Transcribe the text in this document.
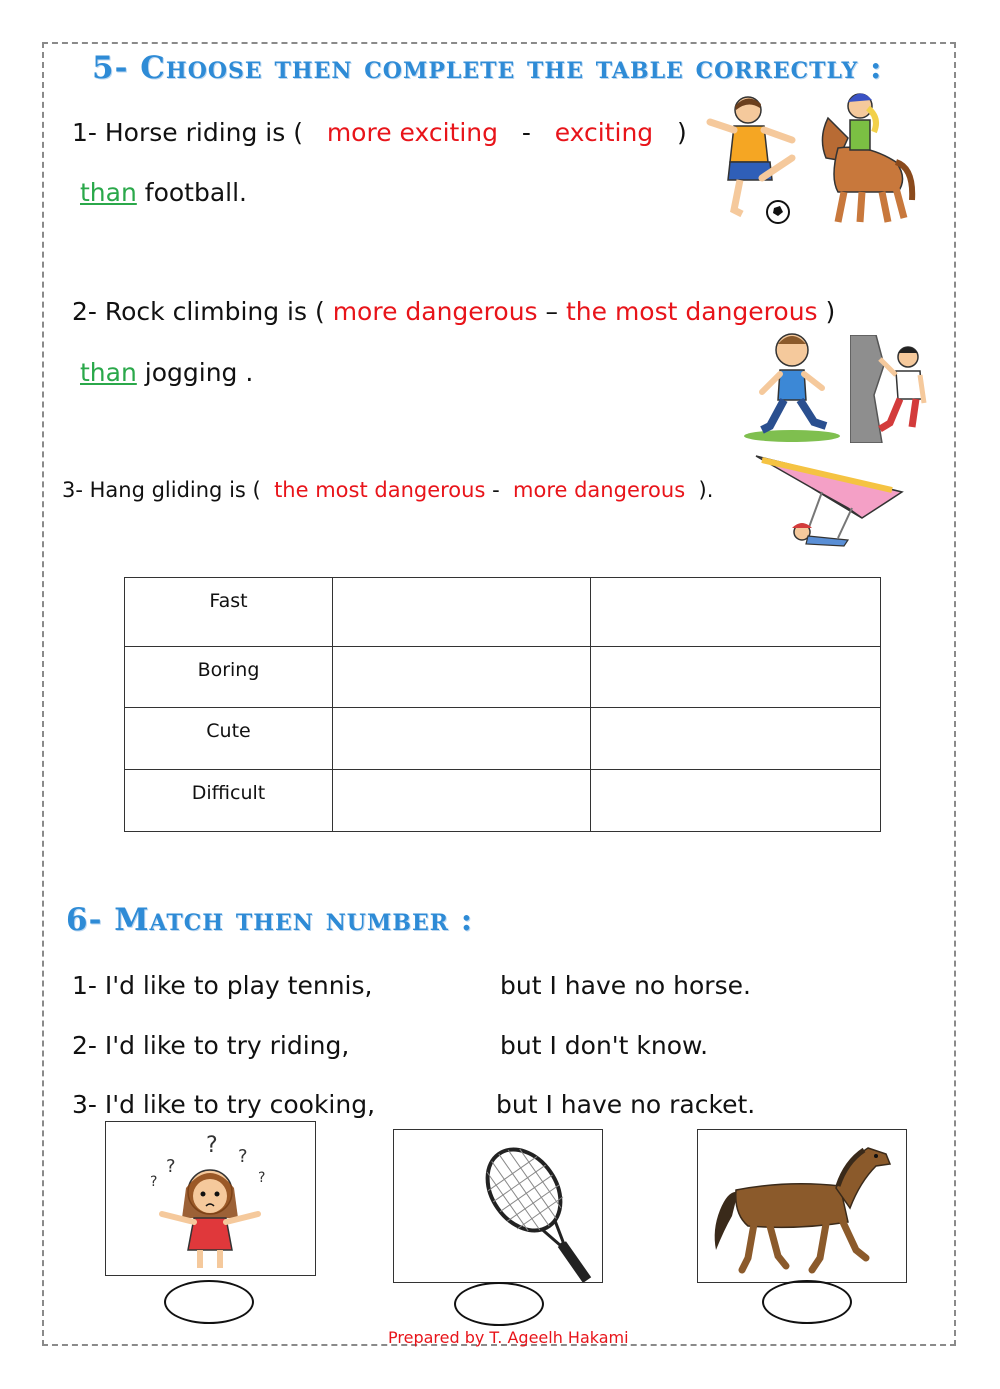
5- Choose then complete the table correctly :
1- Horse riding is ( more exciting - exciting )
than football.
2- Rock climbing is ( more dangerous – the most dangerous )
than jogging .
3- Hang gliding is ( the most dangerous - more dangerous ).
Fast		
Boring		
Cute		
Difficult		
6- Match then number :
1- I'd like to play tennis,
2- I'd like to try riding,
3- I'd like to try cooking,
but I have no horse.
but I don't know.
but I have no racket.
?
? ?
?	?
Prepared by T. Ageelh Hakami
